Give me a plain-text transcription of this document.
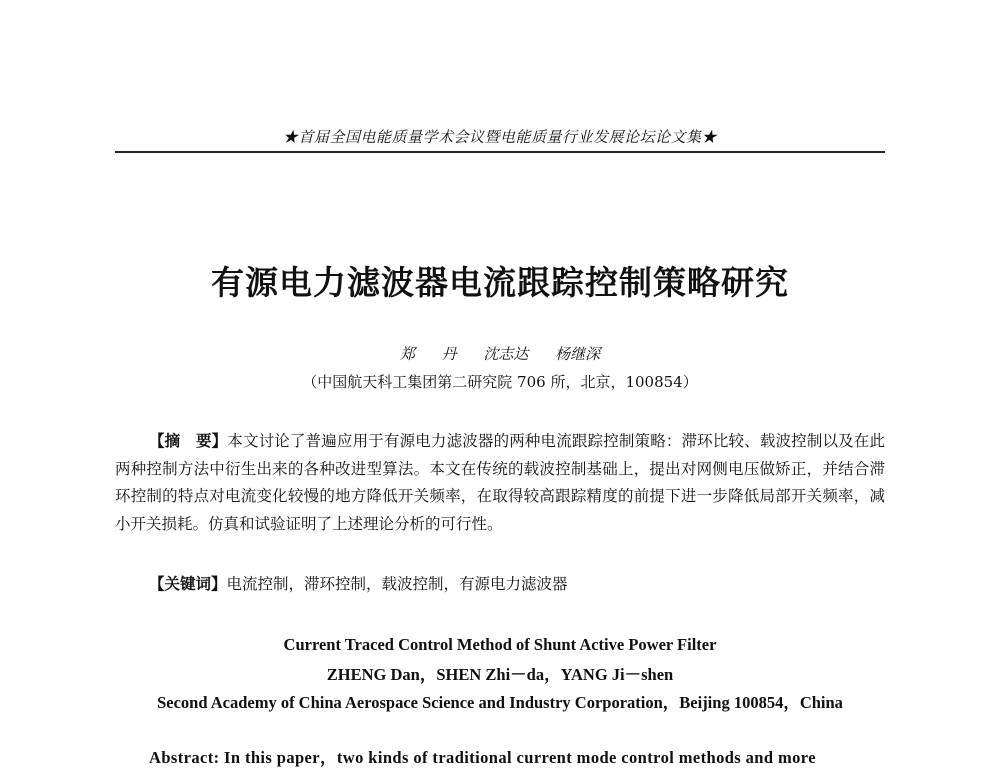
★首届全国电能质量学术会议暨电能质量行业发展论坛论文集★
有源电力滤波器电流跟踪控制策略研究
郑 丹 沈志达 杨继深
（中国航天科工集团第二研究院 706 所，北京，100854）
【摘　要】本文讨论了普遍应用于有源电力滤波器的两种电流跟踪控制策略：滞环比较、载波控制以及在此两种控制方法中衍生出来的各种改进型算法。本文在传统的载波控制基础上，提出对网侧电压做矫正，并结合滞环控制的特点对电流变化较慢的地方降低开关频率，在取得较高跟踪精度的前提下进一步降低局部开关频率，减小开关损耗。仿真和试验证明了上述理论分析的可行性。
【关键词】电流控制，滞环控制，载波控制，有源电力滤波器
Current Traced Control Method of Shunt Active Power Filter
ZHENG Dan，SHEN Zhi－da，YANG Ji－shen
Second Academy of China Aerospace Science and Industry Corporation，Beijing 100854，China
Abstract: In this paper，two kinds of traditional current mode control methods and more
